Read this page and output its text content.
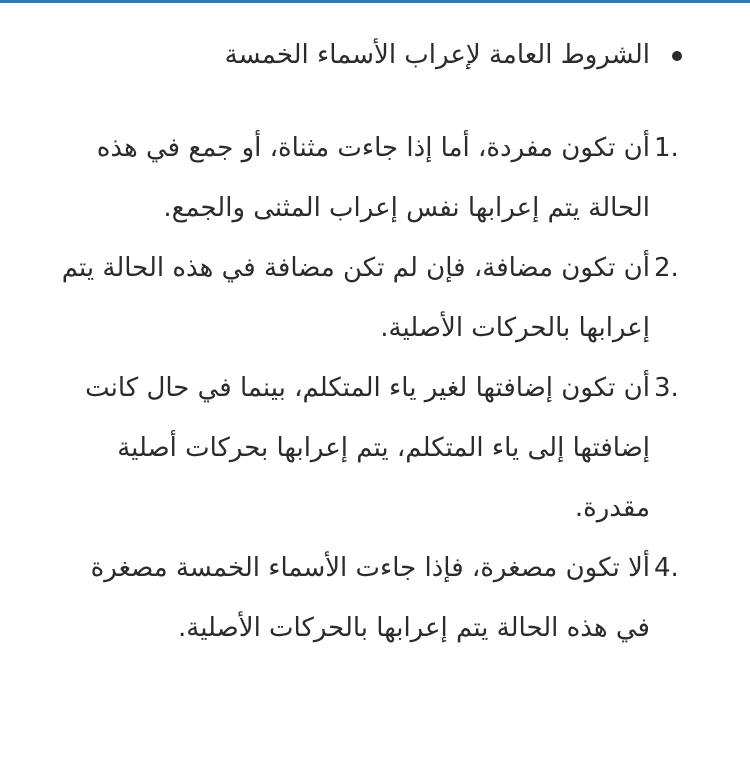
الشروط العامة لإعراب الأسماء الخمسة
1.
أن تكون مفردة، أما إذا جاءت مثناة، أو جمع في هذه الحالة يتم إعرابها نفس إعراب المثنى والجمع.
2.
أن تكون مضافة، فإن لم تكن مضافة في هذه الحالة يتم إعرابها بالحركات الأصلية.
3.
أن تكون إضافتها لغير ياء المتكلم، بينما في حال كانت إضافتها إلى ياء المتكلم، يتم إعرابها بحركات أصلية مقدرة.
4.
ألا تكون مصغرة، فإذا جاءت الأسماء الخمسة مصغرة في هذه الحالة يتم إعرابها بالحركات الأصلية.
